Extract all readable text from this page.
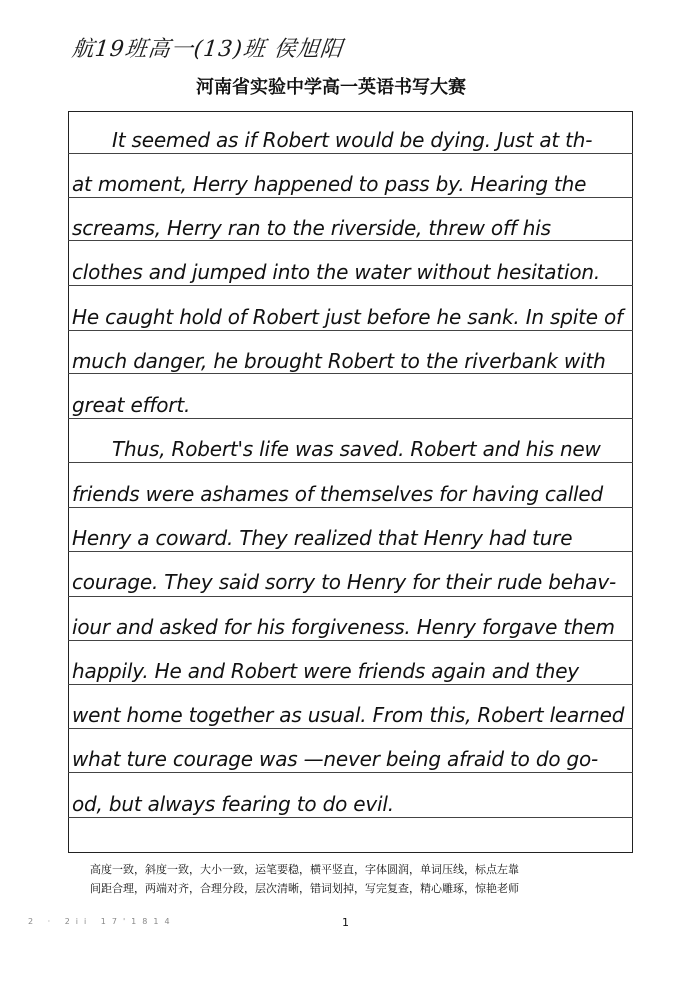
航19班高一(13)班 侯旭阳
河南省实验中学高一英语书写大赛
It seemed as if Robert would be dying. Just at th-
at moment, Herry happened to pass by. Hearing the
screams, Herry ran to the riverside, threw off his
clothes and jumped into the water without hesitation.
He caught hold of Robert just before he sank. In spite of
much danger, he brought Robert to the riverbank with
great effort.
Thus, Robert's life was saved. Robert and his new
friends were ashames of themselves for having called
Henry a coward. They realized that Henry had ture
courage. They said sorry to Henry for their rude behav-
iour and asked for his forgiveness. Henry forgave them
happily. He and Robert were friends again and they
went home together as usual. From this, Robert learned
what ture courage was —never being afraid to do go-
od, but always fearing to do evil.
高度一致，斜度一致，大小一致，运笔要稳，横平竖直，字体圆润，单词压线，标点左靠
间距合理，两端对齐，合理分段，层次清晰，错词划掉，写完复查，精心雕琢，惊艳老师
2 · 2ii 17'1814	1
